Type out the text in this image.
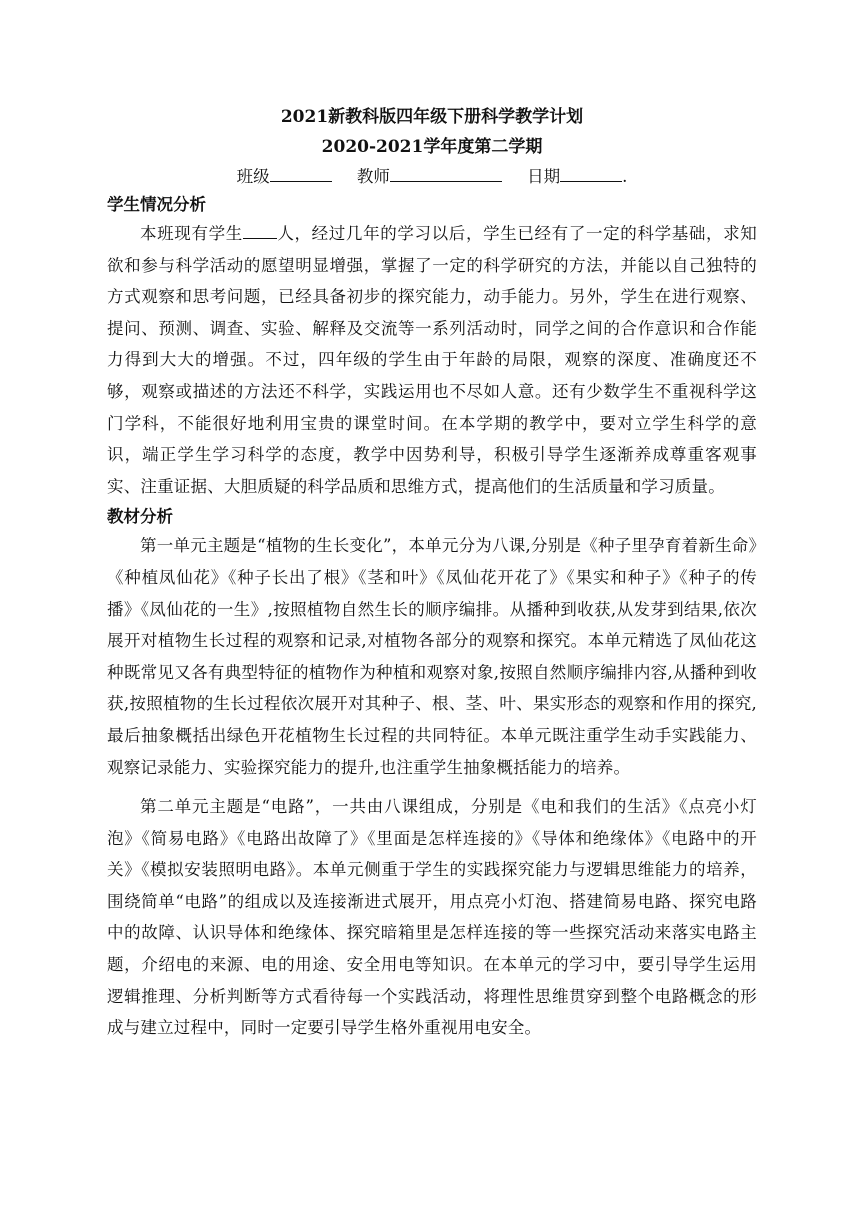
2021新教科版四年级下册科学教学计划

2020-2021学年度第二学期

班级	教师	日期	.

学生情况分析

本班现有学生 人，经过几年的学习以后，学生已经有了一定的科学基础，求知欲和参与科学活动的愿望明显增强，掌握了一定的科学研究的方法，并能以自己独特的方式观察和思考问题，已经具备初步的探究能力，动手能力。另外，学生在进行观察、提问、预测、调查、实验、解释及交流等一系列活动时，同学之间的合作意识和合作能力得到大大的增强。不过，四年级的学生由于年龄的局限，观察的深度、准确度还不够，观察或描述的方法还不科学，实践运用也不尽如人意。还有少数学生不重视科学这门学科，不能很好地利用宝贵的课堂时间。在本学期的教学中，要对立学生科学的意识，端正学生学习科学的态度，教学中因势利导，积极引导学生逐渐养成尊重客观事实、注重证据、大胆质疑的科学品质和思维方式，提高他们的生活质量和学习质量。

教材分析

第一单元主题是“植物的生长变化”，本单元分为八课,分别是《种子里孕育着新生命》《种植凤仙花》《种子长出了根》《茎和叶》《凤仙花开花了》《果实和种子》《种子的传播》《凤仙花的一生》,按照植物自然生长的顺序编排。从播种到收获,从发芽到结果,依次展开对植物生长过程的观察和记录,对植物各部分的观察和探究。本单元精选了凤仙花这种既常见又各有典型特征的植物作为种植和观察对象,按照自然顺序编排内容,从播种到收获,按照植物的生长过程依次展开对其种子、根、茎、叶、果实形态的观察和作用的探究,最后抽象概括出绿色开花植物生长过程的共同特征。本单元既注重学生动手实践能力、观察记录能力、实验探究能力的提升,也注重学生抽象概括能力的培养。

第二单元主题是“电路”，一共由八课组成，分别是《电和我们的生活》《点亮小灯泡》《简易电路》《电路出故障了》《里面是怎样连接的》《导体和绝缘体》《电路中的开关》《模拟安装照明电路》。本单元侧重于学生的实践探究能力与逻辑思维能力的培养，围绕简单“电路”的组成以及连接渐进式展开，用点亮小灯泡、搭建简易电路、探究电路中的故障、认识导体和绝缘体、探究暗箱里是怎样连接的等一些探究活动来落实电路主题，介绍电的来源、电的用途、安全用电等知识。在本单元的学习中，要引导学生运用逻辑推理、分析判断等方式看待每一个实践活动，将理性思维贯穿到整个电路概念的形成与建立过程中，同时一定要引导学生格外重视用电安全。
